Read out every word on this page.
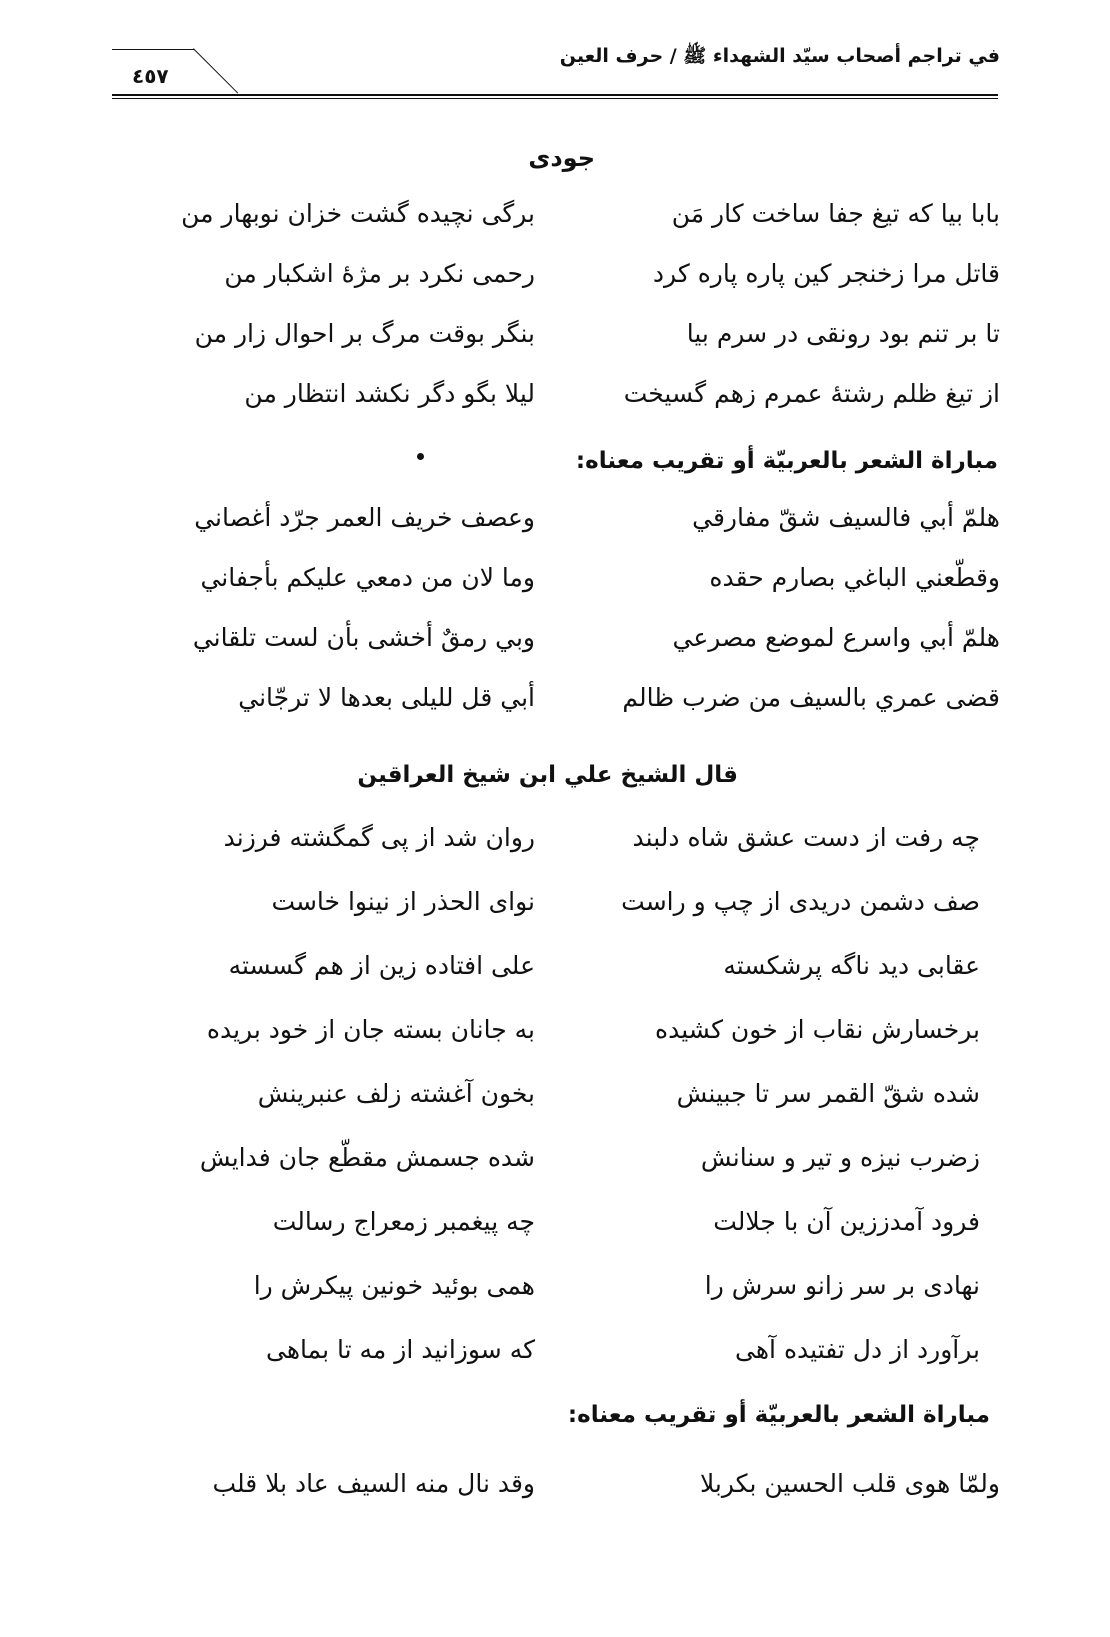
في تراجم أصحاب سيّد الشهداء ﷺ / حرف العين
٤٥٧
جودی
بابا بيا كه تيغ جفا ساخت كار مَن
برگی نچیده گشت خزان نوبهار من
قاتل مرا زخنجر كين پاره پاره كرد
رحمی نکرد بر مژهٔ اشکبار من
تا بر تنم بود رونقی در سرم بیا
بنگر بوقت مرگ بر احوال زار من
از تیغ ظلم رشتهٔ عمرم زهم گسیخت
لیلا بگو دگر نکشد انتظار من
مباراة الشعر بالعربيّة أو تقريب معناه:
هلمّ أبي فالسيف شقّ مفارقي
وعصف خريف العمر جرّد أغصاني
وقطّعني الباغي بصارم حقده
وما لان من دمعي عليكم بأجفاني
هلمّ أبي واسرع لموضع مصرعي
وبي رمقٌ أخشى بأن لست تلقاني
قضى عمري بالسيف من ضرب ظالم
أبي قل لليلى بعدها لا ترجّاني
قال الشيخ علي ابن شيخ العراقين
چه رفت از دست عشق شاه دلبند
روان شد از پی گمگشته فرزند
صف دشمن دریدی از چپ و راست
نوای الحذر از نینوا خاست
عقابی دید ناگه پرشکسته
علی افتاده زین از هم گسسته
برخسارش نقاب از خون کشیده
به جانان بسته جان از خود بریده
شده شقّ القمر سر تا جبینش
بخون آغشته زلف عنبرینش
زضرب نیزه و تیر و سنانش
شده جسمش مقطّع جان فدایش
فرود آمدززین آن با جلالت
چه پیغمبر زمعراج رسالت
نهادی بر سر زانو سرش را
همی بوئید خونین پیکرش را
برآورد از دل تفتیده آهی
که سوزانید از مه تا بماهی
مباراة الشعر بالعربيّة أو تقريب معناه:
ولمّا هوى قلب الحسين بكربلا
وقد نال منه السيف عاد بلا قلب
